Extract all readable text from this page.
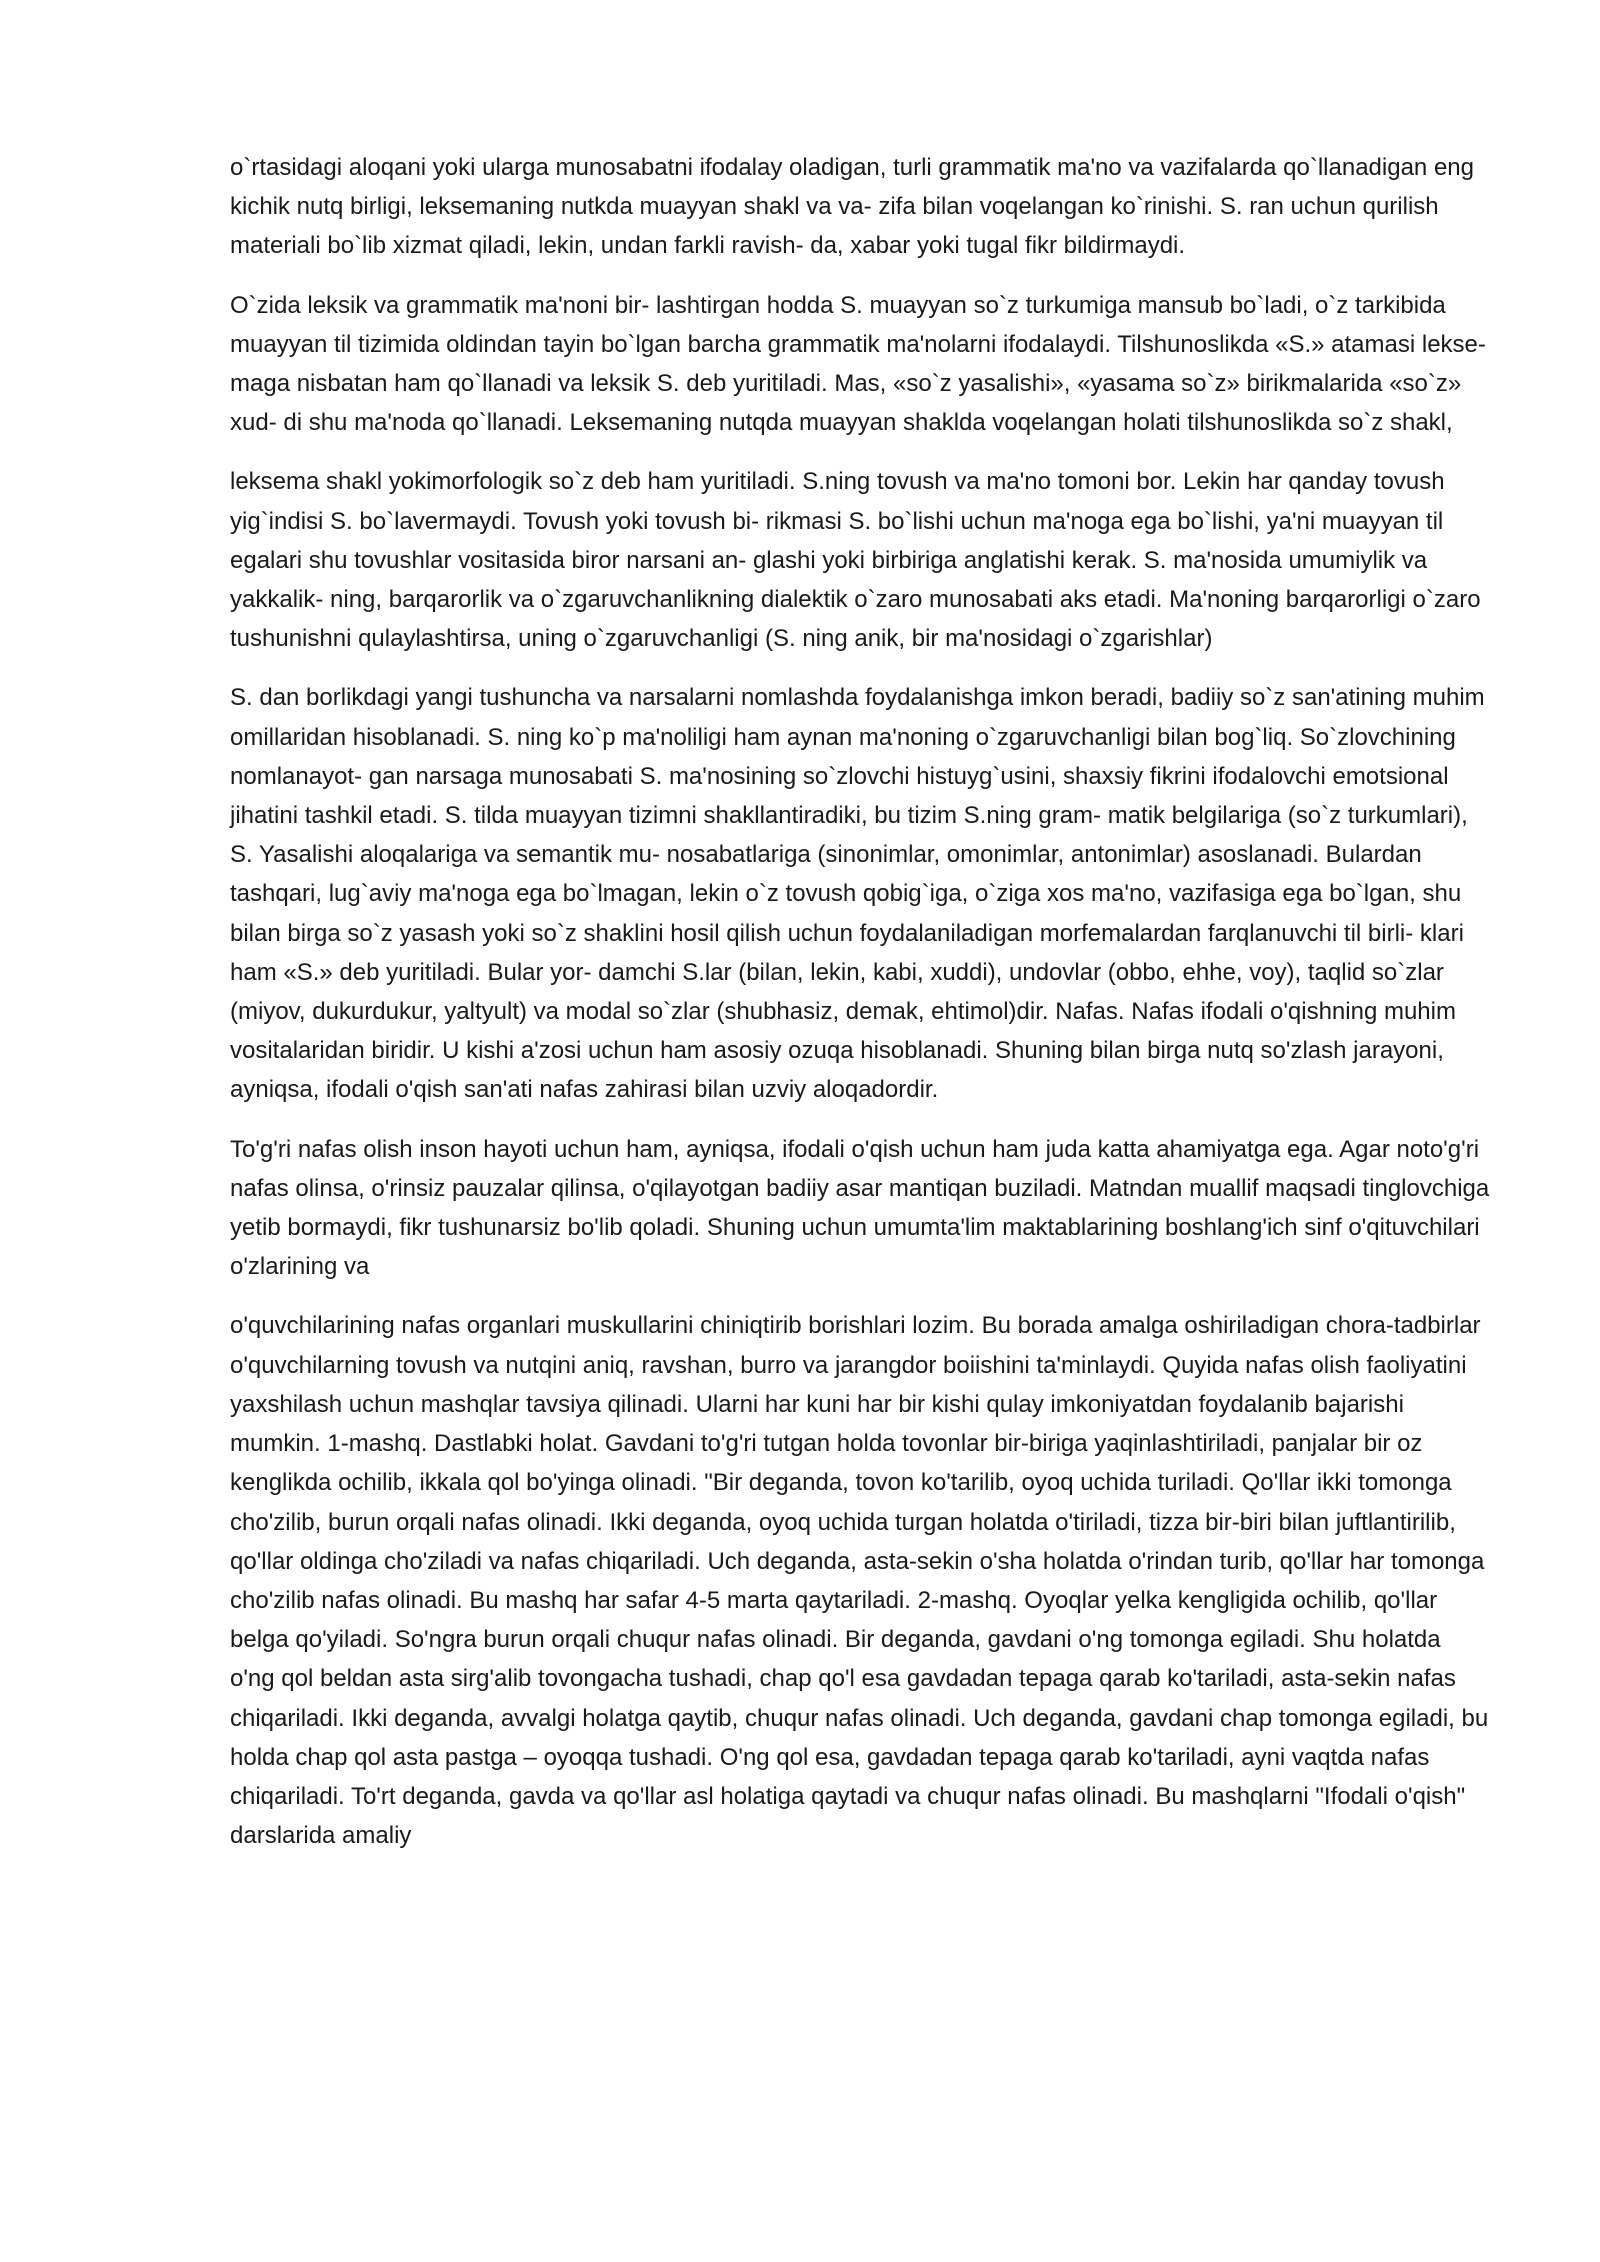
o`rtasidagi aloqani yoki ularga munosabatni ifodalay oladigan, turli grammatik ma'no va vazifalarda qo`llanadigan eng kichik nutq birligi, leksemaning nutkda muayyan shakl va va- zifa bilan voqelangan ko`rinishi. S. ran uchun qurilish materiali bo`lib xizmat qiladi, lekin, undan farkli ravish- da, xabar yoki tugal fikr bildirmaydi.

O`zida leksik va grammatik ma'noni bir- lashtirgan hodda S. muayyan so`z turkumiga mansub bo`ladi, o`z tarkibida muayyan til tizimida oldindan tayin bo`lgan barcha grammatik ma'nolarni ifodalaydi. Tilshunoslikda «S.» atamasi lekse- maga nisbatan ham qo`llanadi va leksik S. deb yuritiladi. Mas, «so`z yasalishi», «yasama so`z» birikmalarida «so`z» xud- di shu ma'noda qo`llanadi. Leksemaning nutqda muayyan shaklda voqelangan holati tilshunoslikda so`z shakl,

leksema shakl yokimorfologik so`z deb ham yuritiladi. S.ning tovush va ma'no tomoni bor. Lekin har qanday tovush yig`indisi S. bo`lavermaydi. Tovush yoki tovush bi- rikmasi S. bo`lishi uchun ma'noga ega bo`lishi, ya'ni muayyan til egalari shu tovushlar vositasida biror narsani an- glashi yoki birbiriga anglatishi kerak. S. ma'nosida umumiylik va yakkalik- ning, barqarorlik va o`zgaruvchanlikning dialektik o`zaro munosabati aks etadi. Ma'noning barqarorligi o`zaro tushunishni qulaylashtirsa, uning o`zgaruvchanligi (S. ning anik, bir ma'nosidagi o`zgarishlar)

S. dan borlikdagi yangi tushuncha va narsalarni nomlashda foydalanishga imkon beradi, badiiy so`z san'atining muhim omillaridan hisoblanadi. S. ning ko`p ma'noliligi ham aynan ma'noning o`zgaruvchanligi bilan bog`liq. So`zlovchining nomlanayot- gan narsaga munosabati S. ma'nosining so`zlovchi histuyg`usini, shaxsiy fikrini ifodalovchi emotsional jihatini tashkil etadi. S. tilda muayyan tizimni shakllantiradiki, bu tizim S.ning gram- matik belgilariga (so`z turkumlari), S. Yasalishi aloqalariga va semantik mu- nosabatlariga (sinonimlar, omonimlar, antonimlar) asoslanadi. Bulardan tashqari, lug`aviy ma'noga ega bo`lmagan, lekin o`z tovush qobig`iga, o`ziga xos ma'no, vazifasiga ega bo`lgan, shu bilan birga so`z yasash yoki so`z shaklini hosil qilish uchun foydalaniladigan morfemalardan farqlanuvchi til birli- klari ham «S.» deb yuritiladi. Bular yor- damchi S.lar (bilan, lekin, kabi, xuddi), undovlar (obbo, ehhe, voy), taqlid so`zlar (miyov, dukurdukur, yaltyult) va modal so`zlar (shubhasiz, demak, ehtimol)dir. Nafas. Nafas ifodali o'qishning muhim vositalaridan biridir. U kishi a'zosi uchun ham asosiy ozuqa hisoblanadi. Shuning bilan birga nutq so'zlash jarayoni, ayniqsa, ifodali o'qish san'ati nafas zahirasi bilan uzviy aloqadordir.

To'g'ri nafas olish inson hayoti uchun ham, ayniqsa, ifodali o'qish uchun ham juda katta ahamiyatga ega. Agar noto'g'ri nafas olinsa, o'rinsiz pauzalar qilinsa, o'qilayotgan badiiy asar mantiqan buziladi. Matndan muallif maqsadi tinglovchiga yetib bormaydi, fikr tushunarsiz bo'lib qoladi. Shuning uchun umumta'lim maktablarining boshlang'ich sinf o'qituvchilari o'zlarining va

o'quvchilarining nafas organlari muskullarini chiniqtirib borishlari lozim. Bu borada amalga oshiriladigan chora-tadbirlar o'quvchilarning tovush va nutqini aniq, ravshan, burro va jarangdor boiishini ta'minlaydi. Quyida nafas olish faoliyatini yaxshilash uchun mashqlar tavsiya qilinadi. Ularni har kuni har bir kishi qulay imkoniyatdan foydalanib bajarishi mumkin. 1-mashq. Dastlabki holat. Gavdani to'g'ri tutgan holda tovonlar bir-biriga yaqinlashtiriladi, panjalar bir oz kenglikda ochilib, ikkala qol bo'yinga olinadi. "Bir deganda, tovon ko'tarilib, oyoq uchida turiladi. Qo'llar ikki tomonga cho'zilib, burun orqali nafas olinadi. Ikki deganda, oyoq uchida turgan holatda o'tiriladi, tizza bir-biri bilan juftlantirilib, qo'llar oldinga cho'ziladi va nafas chiqariladi. Uch deganda, asta-sekin o'sha holatda o'rindan turib, qo'llar har tomonga cho'zilib nafas olinadi. Bu mashq har safar 4-5 marta qaytariladi. 2-mashq. Oyoqlar yelka kengligida ochilib, qo'llar belga qo'yiladi. So'ngra burun orqali chuqur nafas olinadi. Bir deganda, gavdani o'ng tomonga egiladi. Shu holatda o'ng qol beldan asta sirg'alib tovongacha tushadi, chap qo'l esa gavdadan tepaga qarab ko'tariladi, asta-sekin nafas chiqariladi. Ikki deganda, avvalgi holatga qaytib, chuqur nafas olinadi. Uch deganda, gavdani chap tomonga egiladi, bu holda chap qol asta pastga – oyoqqa tushadi. O'ng qol esa, gavdadan tepaga qarab ko'tariladi, ayni vaqtda nafas chiqariladi. To'rt deganda, gavda va qo'llar asl holatiga qaytadi va chuqur nafas olinadi. Bu mashqlarni "Ifodali o'qish" darslarida amaliy
